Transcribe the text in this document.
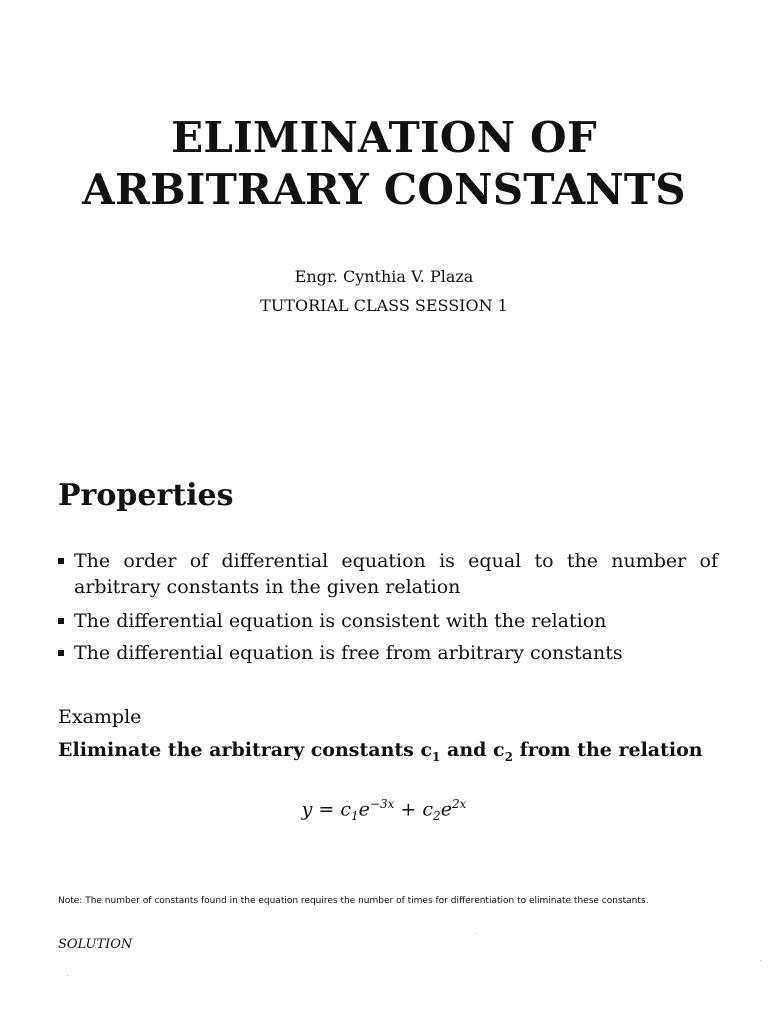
ELIMINATION OF
ARBITRARY CONSTANTS
Engr. Cynthia V. Plaza
TUTORIAL CLASS SESSION 1
Properties
The order of differential equation is equal to the number of arbitrary constants in the given relation
The differential equation is consistent with the relation
The differential equation is free from arbitrary constants
Example
Eliminate the arbitrary constants $c_1$ and $c_2$ from the relation
$y = c_1e^{-3x} + c_2e^{2x}$
Note: The number of constants found in the equation requires the number of times for differentiation to eliminate these constants.
SOLUTION
